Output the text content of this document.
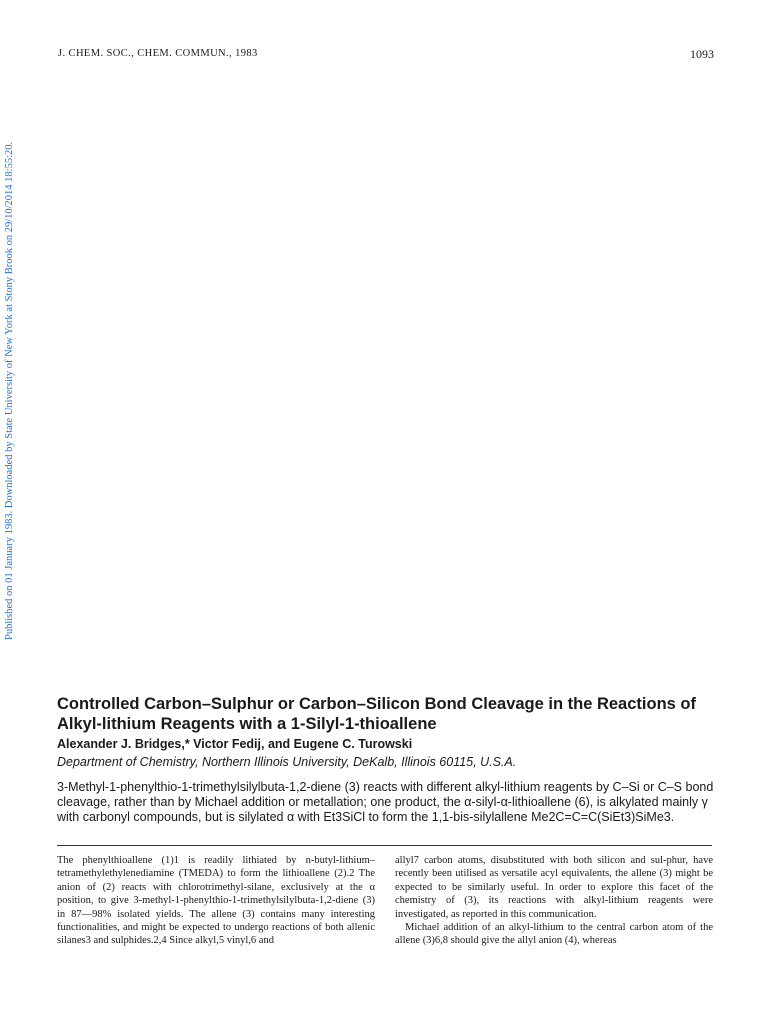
J. CHEM. SOC., CHEM. COMMUN., 1983	1093
Published on 01 January 1983. Downloaded by State University of New York at Stony Brook on 29/10/2014 18:55:20.
Controlled Carbon–Sulphur or Carbon–Silicon Bond Cleavage in the Reactions of Alkyl-lithium Reagents with a 1-Silyl-1-thioallene
Alexander J. Bridges,* Victor Fedij, and Eugene C. Turowski
Department of Chemistry, Northern Illinois University, DeKalb, Illinois 60115, U.S.A.

3-Methyl-1-phenylthio-1-trimethylsilylbuta-1,2-diene (3) reacts with different alkyl-lithium reagents by C–Si or C–S bond cleavage, rather than by Michael addition or metallation; one product, the α-silyl-α-lithioallene (6), is alkylated mainly γ with carbonyl compounds, but is silylated α with Et3SiCl to form the 1,1-bis-silylallene Me2C=C=C(SiEt3)SiMe3.

The phenylthioallene (1)1 is readily lithiated by n-butyl-lithium–tetramethylethylenediamine (TMEDA) to form the lithioallene (2).2 The anion of (2) reacts with chlorotrimethyl-silane, exclusively at the α position, to give 3-methyl-1-phenylthio-1-trimethylsilylbuta-1,2-diene (3) in 87—98% isolated yields. The allene (3) contains many interesting functionalities, and might be expected to undergo reactions of both allenic silanes3 and sulphides.2,4 Since alkyl,5 vinyl,6 and

allyl7 carbon atoms, disubstituted with both silicon and sul-phur, have recently been utilised as versatile acyl equivalents, the allene (3) might be expected to be similarly useful. In order to explore this facet of the chemistry of (3), its reactions with alkyl-lithium reagents were investigated, as reported in this communication.

Michael addition of an alkyl-lithium to the central carbon atom of the allene (3)6,8 should give the allyl anion (4), whereas
